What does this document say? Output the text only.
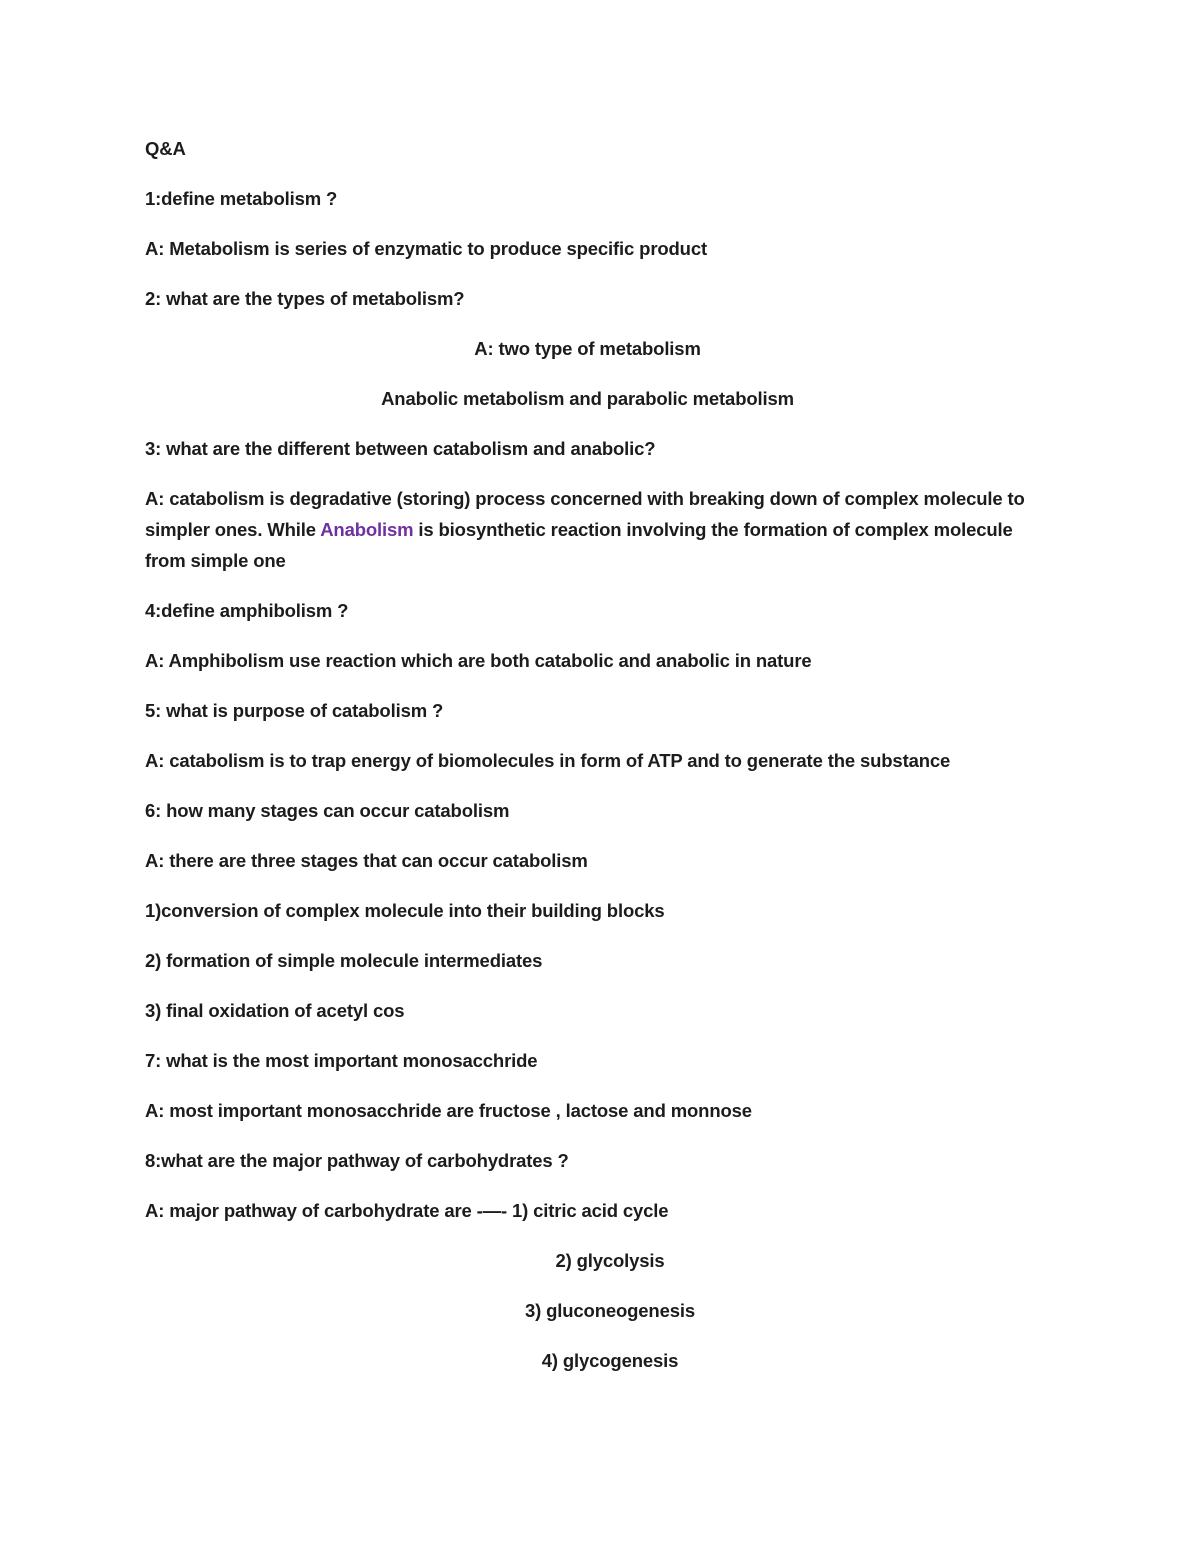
Q&A

1:define metabolism ?

A: Metabolism is series of enzymatic to produce specific product

2: what are the types of metabolism?

A: two type of metabolism

Anabolic metabolism and parabolic metabolism

3: what are the different between catabolism and anabolic?

A: catabolism is degradative (storing) process concerned with breaking down of complex molecule to simpler ones. While Anabolism is biosynthetic reaction involving the formation of complex molecule from simple one

4:define amphibolism ?

A: Amphibolism use reaction which are both catabolic and anabolic in nature

5: what is purpose of catabolism ?

A: catabolism is to trap energy of biomolecules in form of ATP and to generate the substance

6: how many stages can occur catabolism

A: there are three stages that can occur catabolism

1)conversion of complex molecule into their building blocks

2) formation of simple molecule intermediates

3) final oxidation of acetyl cos

7: what is the most important monosacchride

A: most important monosacchride are fructose , lactose and monnose

8:what are the major pathway of carbohydrates ?

A: major pathway of carbohydrate are -—- 1) citric acid cycle

2) glycolysis

3) gluconeogenesis

4) glycogenesis
